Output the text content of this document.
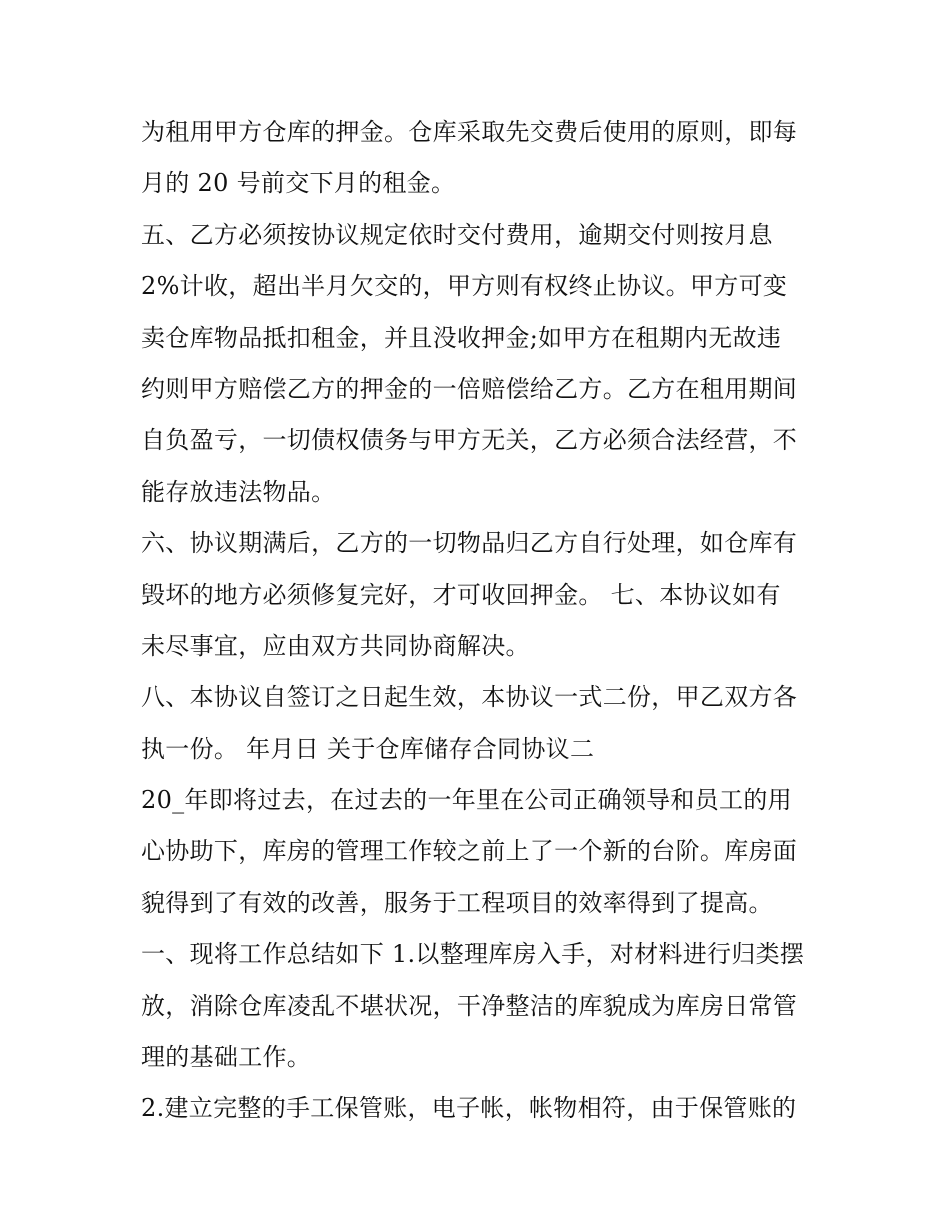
为租用甲方仓库的押金。仓库采取先交费后使用的原则，即每
月的 20 号前交下月的租金。
五、乙方必须按协议规定依时交付费用，逾期交付则按月息
2%计收，超出半月欠交的，甲方则有权终止协议。甲方可变
卖仓库物品抵扣租金，并且没收押金;如甲方在租期内无故违
约则甲方赔偿乙方的押金的一倍赔偿给乙方。乙方在租用期间
自负盈亏，一切债权债务与甲方无关，乙方必须合法经营，不
能存放违法物品。
六、协议期满后，乙方的一切物品归乙方自行处理，如仓库有
毁坏的地方必须修复完好，才可收回押金。 七、本协议如有
未尽事宜，应由双方共同协商解决。
八、本协议自签订之日起生效，本协议一式二份，甲乙双方各
执一份。 年月日 关于仓库储存合同协议二
20_年即将过去，在过去的一年里在公司正确领导和员工的用
心协助下，库房的管理工作较之前上了一个新的台阶。库房面
貌得到了有效的改善，服务于工程项目的效率得到了提高。
一、现将工作总结如下 1.以整理库房入手，对材料进行归类摆
放，消除仓库凌乱不堪状况，干净整洁的库貌成为库房日常管
理的基础工作。
2.建立完整的手工保管账，电子帐，帐物相符，由于保管账的
